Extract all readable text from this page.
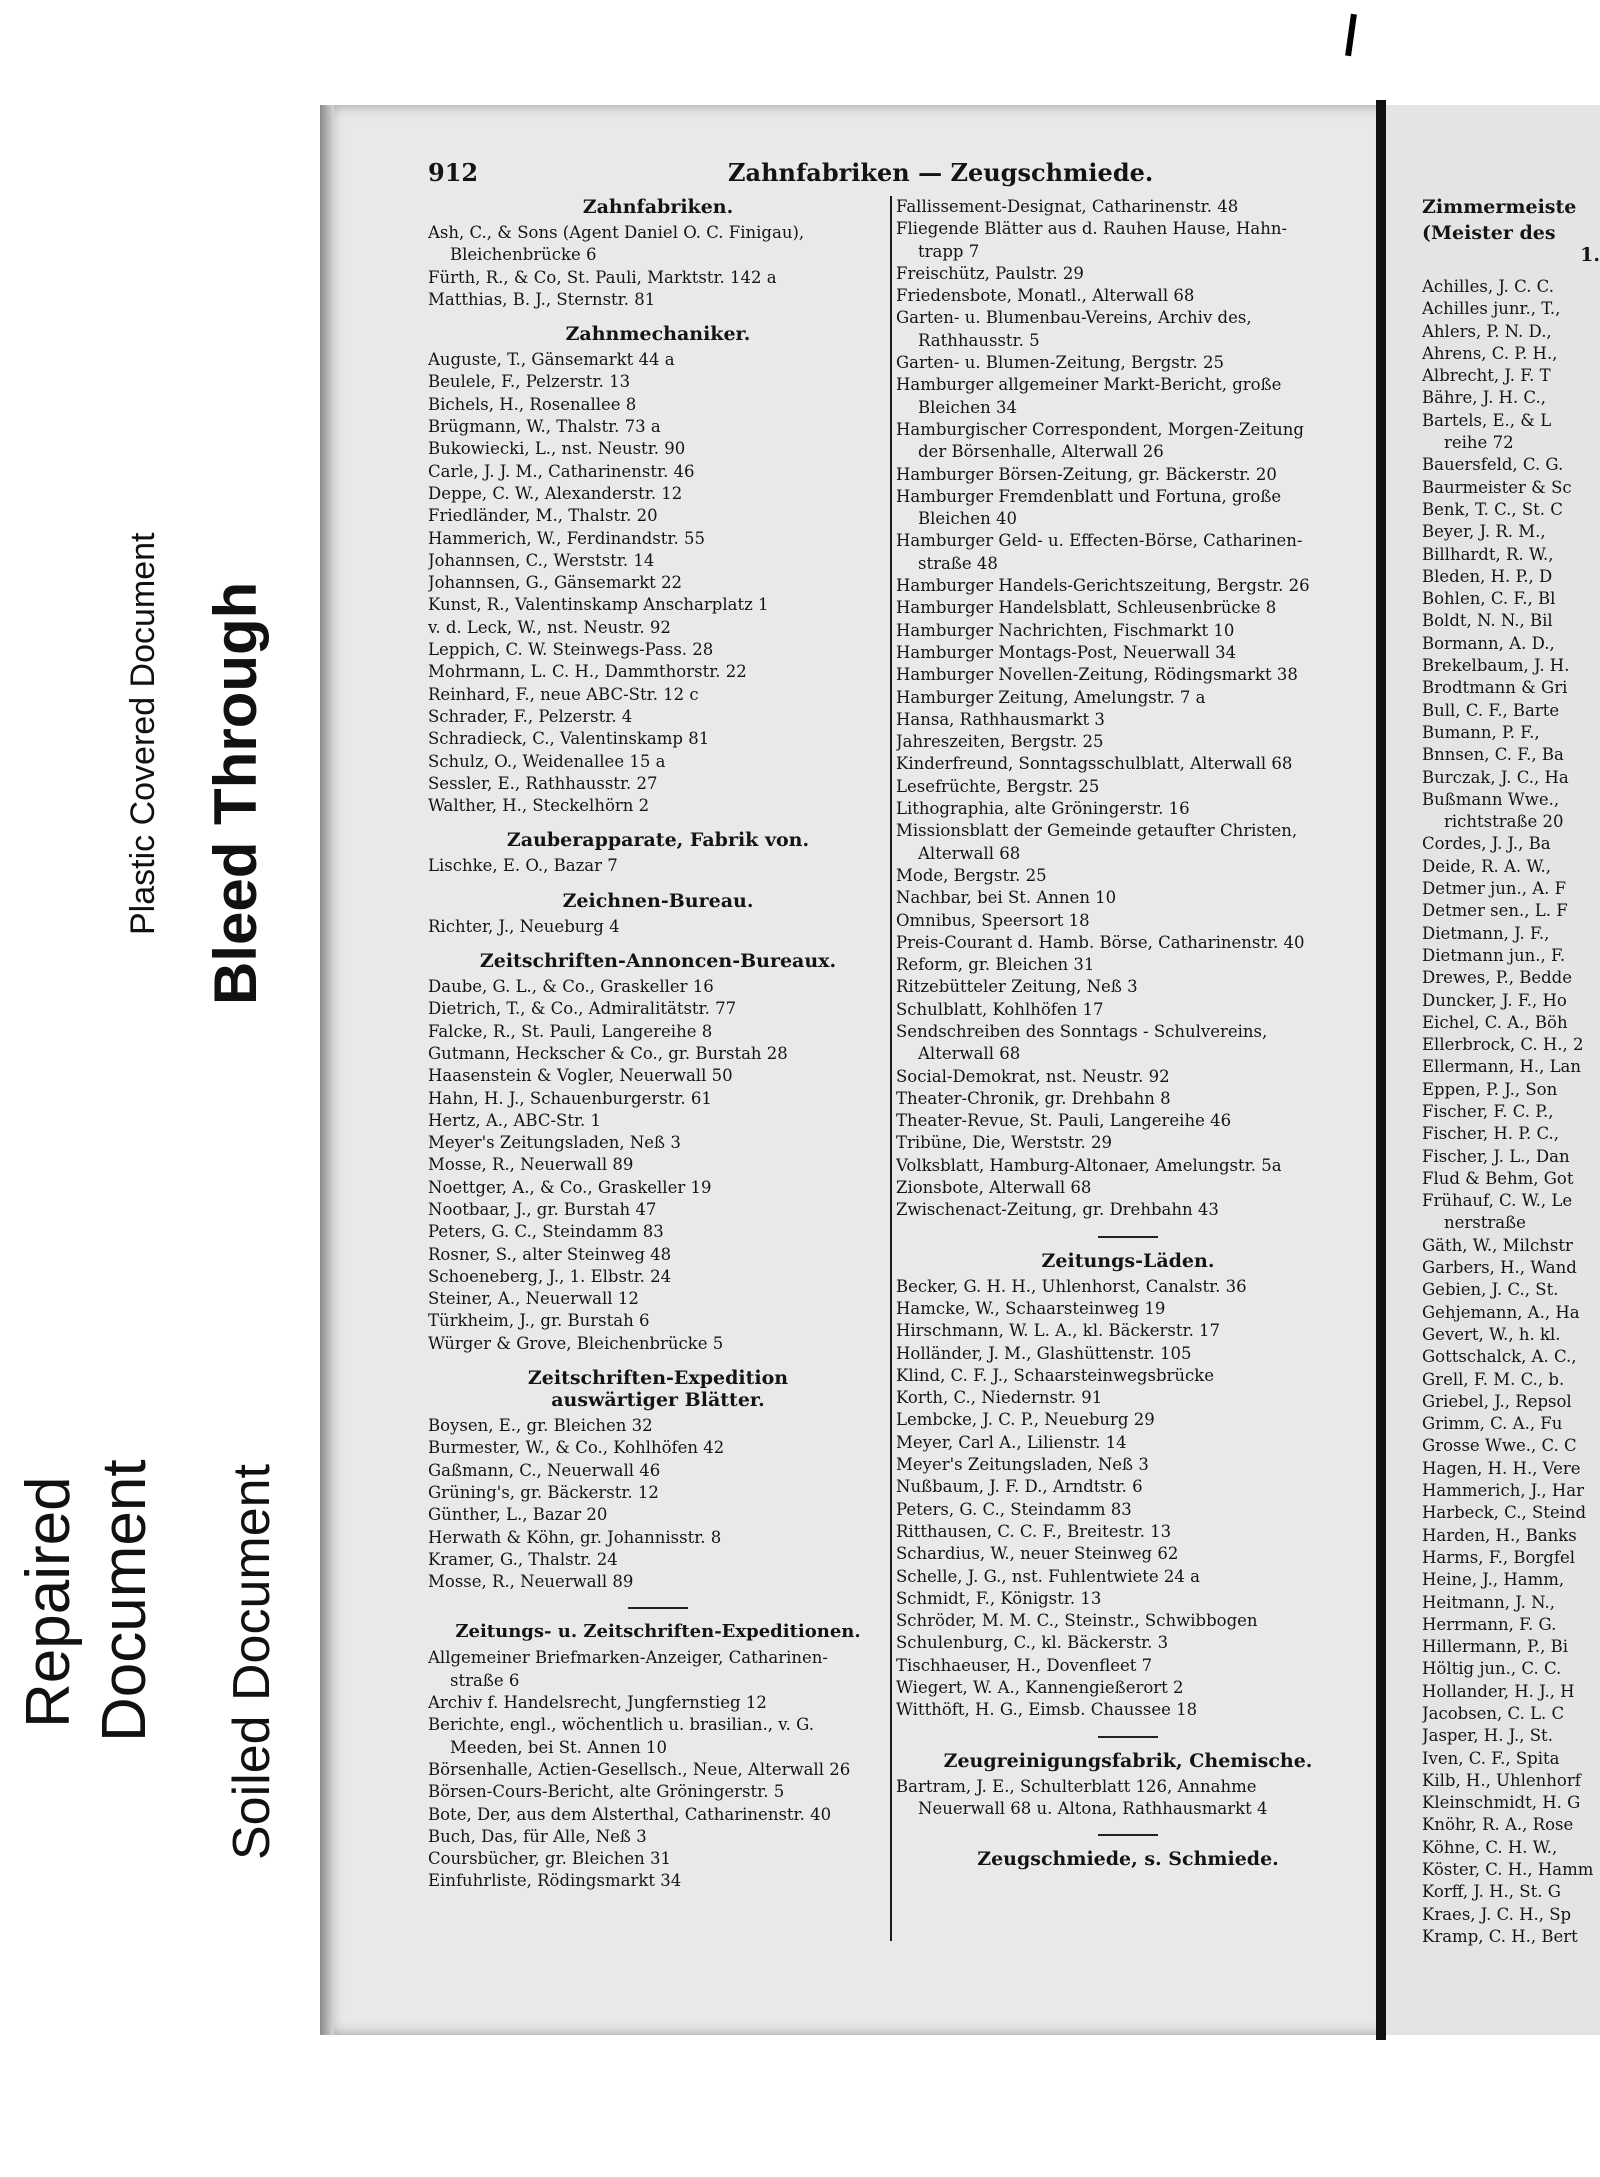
Plastic Covered Document Bleed Through
Repaired Document Soiled Document
912	Zahnfabriken — Zeugschmiede.
Zahnfabriken.
Ash, C., & Sons (Agent Daniel O. C. Finigau),
Bleichenbrücke 6
Fürth, R., & Co, St. Pauli, Marktstr. 142 a
Matthias, B. J., Sternstr. 81
Zahnmechaniker.
Auguste, T., Gänsemarkt 44 a
Beulele, F., Pelzerstr. 13
Bichels, H., Rosenallee 8
Brügmann, W., Thalstr. 73 a
Bukowiecki, L., nst. Neustr. 90
Carle, J. J. M., Catharinenstr. 46
Deppe, C. W., Alexanderstr. 12
Friedländer, M., Thalstr. 20
Hammerich, W., Ferdinandstr. 55
Johannsen, C., Werststr. 14
Johannsen, G., Gänsemarkt 22
Kunst, R., Valentinskamp Anscharplatz 1
v. d. Leck, W., nst. Neustr. 92
Leppich, C. W. Steinwegs-Pass. 28
Mohrmann, L. C. H., Dammthorstr. 22
Reinhard, F., neue ABC-Str. 12 c
Schrader, F., Pelzerstr. 4
Schradieck, C., Valentinskamp 81
Schulz, O., Weidenallee 15 a
Sessler, E., Rathhausstr. 27
Walther, H., Steckelhörn 2
Zauberapparate, Fabrik von.
Lischke, E. O., Bazar 7
Zeichnen-Bureau.
Richter, J., Neueburg 4
Zeitschriften-Annoncen-Bureaux.
Daube, G. L., & Co., Graskeller 16
Dietrich, T., & Co., Admiralitätstr. 77
Falcke, R., St. Pauli, Langereihe 8
Gutmann, Heckscher & Co., gr. Burstah 28
Haasenstein & Vogler, Neuerwall 50
Hahn, H. J., Schauenburgerstr. 61
Hertz, A., ABC-Str. 1
Meyer's Zeitungsladen, Neß 3
Mosse, R., Neuerwall 89
Noettger, A., & Co., Graskeller 19
Nootbaar, J., gr. Burstah 47
Peters, G. C., Steindamm 83
Rosner, S., alter Steinweg 48
Schoeneberg, J., 1. Elbstr. 24
Steiner, A., Neuerwall 12
Türkheim, J., gr. Burstah 6
Würger & Grove, Bleichenbrücke 5
Zeitschriften-Expedition
auswärtiger Blätter.
Boysen, E., gr. Bleichen 32
Burmester, W., & Co., Kohlhöfen 42
Gaßmann, C., Neuerwall 46
Grüning's, gr. Bäckerstr. 12
Günther, L., Bazar 20
Herwath & Köhn, gr. Johannisstr. 8
Kramer, G., Thalstr. 24
Mosse, R., Neuerwall 89
Zeitungs- u. Zeitschriften-Expeditionen.
Allgemeiner Briefmarken-Anzeiger, Catharinen-
straße 6
Archiv f. Handelsrecht, Jungfernstieg 12
Berichte, engl., wöchentlich u. brasilian., v. G.
Meeden, bei St. Annen 10
Börsenhalle, Actien-Gesellsch., Neue, Alterwall 26
Börsen-Cours-Bericht, alte Gröningerstr. 5
Bote, Der, aus dem Alsterthal, Catharinenstr. 40
Buch, Das, für Alle, Neß 3
Coursbücher, gr. Bleichen 31
Einfuhrliste, Rödingsmarkt 34
Fallissement-Designat, Catharinenstr. 48
Fliegende Blätter aus d. Rauhen Hause, Hahn-
trapp 7
Freischütz, Paulstr. 29
Friedensbote, Monatl., Alterwall 68
Garten- u. Blumenbau-Vereins, Archiv des,
Rathhausstr. 5
Garten- u. Blumen-Zeitung, Bergstr. 25
Hamburger allgemeiner Markt-Bericht, große
Bleichen 34
Hamburgischer Correspondent, Morgen-Zeitung
der Börsenhalle, Alterwall 26
Hamburger Börsen-Zeitung, gr. Bäckerstr. 20
Hamburger Fremdenblatt und Fortuna, große
Bleichen 40
Hamburger Geld- u. Effecten-Börse, Catharinen-
straße 48
Hamburger Handels-Gerichtszeitung, Bergstr. 26
Hamburger Handelsblatt, Schleusenbrücke 8
Hamburger Nachrichten, Fischmarkt 10
Hamburger Montags-Post, Neuerwall 34
Hamburger Novellen-Zeitung, Rödingsmarkt 38
Hamburger Zeitung, Amelungstr. 7 a
Hansa, Rathhausmarkt 3
Jahreszeiten, Bergstr. 25
Kinderfreund, Sonntagsschulblatt, Alterwall 68
Lesefrüchte, Bergstr. 25
Lithographia, alte Gröningerstr. 16
Missionsblatt der Gemeinde getaufter Christen,
Alterwall 68
Mode, Bergstr. 25
Nachbar, bei St. Annen 10
Omnibus, Speersort 18
Preis-Courant d. Hamb. Börse, Catharinenstr. 40
Reform, gr. Bleichen 31
Ritzebütteler Zeitung, Neß 3
Schulblatt, Kohlhöfen 17
Sendschreiben des Sonntags - Schulvereins,
Alterwall 68
Social-Demokrat, nst. Neustr. 92
Theater-Chronik, gr. Drehbahn 8
Theater-Revue, St. Pauli, Langereihe 46
Tribüne, Die, Werststr. 29
Volksblatt, Hamburg-Altonaer, Amelungstr. 5a
Zionsbote, Alterwall 68
Zwischenact-Zeitung, gr. Drehbahn 43
Zeitungs-Läden.
Becker, G. H. H., Uhlenhorst, Canalstr. 36
Hamcke, W., Schaarsteinweg 19
Hirschmann, W. L. A., kl. Bäckerstr. 17
Holländer, J. M., Glashüttenstr. 105
Klind, C. F. J., Schaarsteinwegsbrücke
Korth, C., Niedernstr. 91
Lembcke, J. C. P., Neueburg 29
Meyer, Carl A., Lilienstr. 14
Meyer's Zeitungsladen, Neß 3
Nußbaum, J. F. D., Arndtstr. 6
Peters, G. C., Steindamm 83
Ritthausen, C. C. F., Breitestr. 13
Schardius, W., neuer Steinweg 62
Schelle, J. G., nst. Fuhlentwiete 24 a
Schmidt, F., Königstr. 13
Schröder, M. M. C., Steinstr., Schwibbogen
Schulenburg, C., kl. Bäckerstr. 3
Tischhaeuser, H., Dovenfleet 7
Wiegert, W. A., Kannengießerort 2
Witthöft, H. G., Eimsb. Chaussee 18
Zeugreinigungsfabrik, Chemische.
Bartram, J. E., Schulterblatt 126, Annahme
Neuerwall 68 u. Altona, Rathhausmarkt 4
Zeugschmiede, s. Schmiede.
Zimmermeiste
(Meister des
1.
Achilles, J. C. C.
Achilles junr., T.,
Ahlers, P. N. D.,
Ahrens, C. P. H.,
Albrecht, J. F. T
Bähre, J. H. C.,
Bartels, E., & L
reihe 72
Bauersfeld, C. G.
Baurmeister & Sc
Benk, T. C., St. C
Beyer, J. R. M.,
Billhardt, R. W.,
Bleden, H. P., D
Bohlen, C. F., Bl
Boldt, N. N., Bil
Bormann, A. D.,
Brekelbaum, J. H.
Brodtmann & Gri
Bull, C. F., Barte
Bumann, P. F.,
Bnnsen, C. F., Ba
Burczak, J. C., Ha
Bußmann Wwe.,
richtstraße 20
Cordes, J. J., Ba
Deide, R. A. W.,
Detmer jun., A. F
Detmer sen., L. F
Dietmann, J. F.,
Dietmann jun., F.
Drewes, P., Bedde
Duncker, J. F., Ho
Eichel, C. A., Böh
Ellerbrock, C. H., 2
Ellermann, H., Lan
Eppen, P. J., Son
Fischer, F. C. P.,
Fischer, H. P. C.,
Fischer, J. L., Dan
Flud & Behm, Got
Frühauf, C. W., Le
nerstraße
Gäth, W., Milchstr
Garbers, H., Wand
Gebien, J. C., St.
Gehjemann, A., Ha
Gevert, W., h. kl.
Gottschalck, A. C.,
Grell, F. M. C., b.
Griebel, J., Repsol
Grimm, C. A., Fu
Grosse Wwe., C. C
Hagen, H. H., Vere
Hammerich, J., Har
Harbeck, C., Steind
Harden, H., Banks
Harms, F., Borgfel
Heine, J., Hamm,
Heitmann, J. N.,
Herrmann, F. G.
Hillermann, P., Bi
Höltig jun., C. C.
Hollander, H. J., H
Jacobsen, C. L. C
Jasper, H. J., St.
Iven, C. F., Spita
Kilb, H., Uhlenhorf
Kleinschmidt, H. G
Knöhr, R. A., Rose
Köhne, C. H. W.,
Köster, C. H., Hamm
Korff, J. H., St. G
Kraes, J. C. H., Sp
Kramp, C. H., Bert
